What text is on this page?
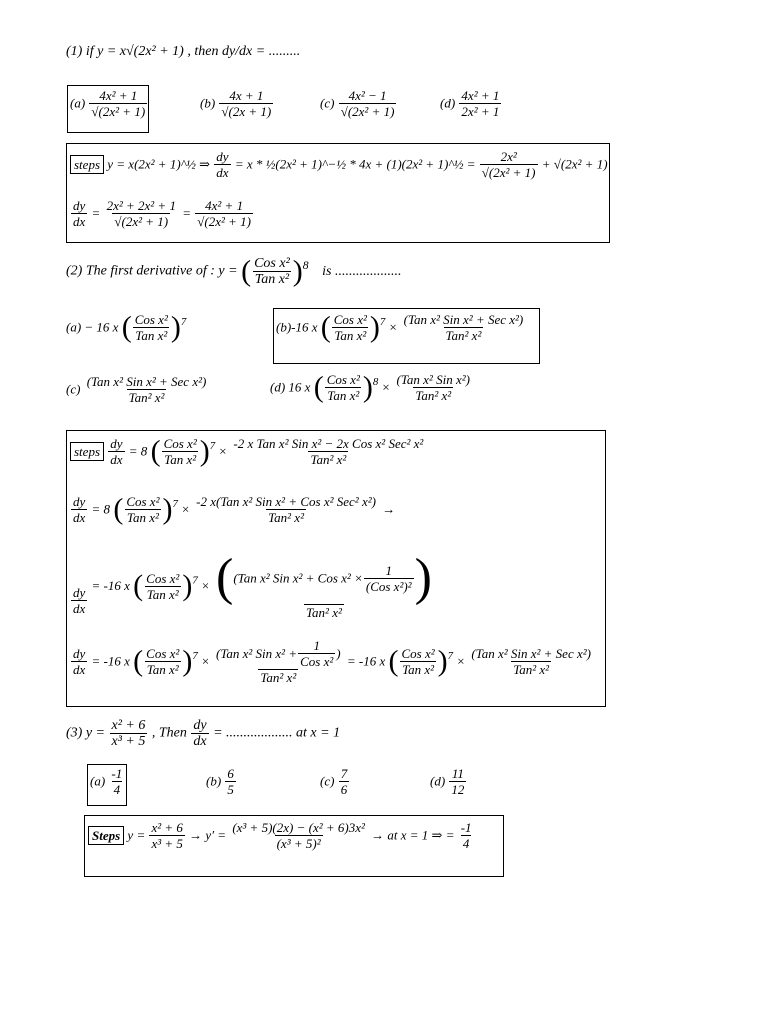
(1) if y = x√(2x² + 1) , then dy/dx = .........
$(a) \frac{\text{4x² + 1}}{\text{√(2x² + 1)}}$	$(b) \frac{4x + 1}{√(2x + 1)}$	$(c) \frac{\text{4x² − 1}}{\text{√(2x² + 1)}}$	$(d) \frac{\text{4x² + 1}}{\text{2x² + 1}}$
steps y = x(2x² + 1)^½ ⇒ $\frac{dy}{dx} = x$ * ½(2x² + 1)^−½ * 4x + (1)(2x² + 1)^½ = $\frac{\text{2x²}}{\text{√(2x² + 1)}} + √(2x^2 + 1)$
$\frac{dy}{dx} = \frac{\text{2x² + 2x² + 1}}{\text{√(2x² + 1)}} = \frac{\text{4x² + 1}}{\text{√(2x² + 1)}}$
(2) The first derivative of : y = ( Cos x²
Tan x² )$^8$ is ...................
(a) − 16 x ( Cos x²
Tan x² )$^7$	(b)-16 x ( Cos x²
Tan x² )$^7$ × (Tan x² Sin x² + Sec x²)
Tan² x²
(c) (Tan x² Sin x² + Sec x²)
Tan² x²
(d) 16 x ( Cos x²
Tan x² )$^8$ × (Tan x² Sin x²)
Tan² x²
steps $\frac{dy}{dx} = 8$ ( Cos x²
Tan x² )$^7$ × -2 x Tan x² Sin x² − 2x Cos x² Sec² x²
Tan² x²
$\frac{dy}{dx} = 8$ ( Cos x²
Tan x² )$^7$ × -2 x(Tan x² Sin x² + Cos x² Sec² x²)
Tan² x²
→
$\frac{dy}{dx} = -16$ x ( Cos x²
Tan x² )$^7$ × ((Tan x² Sin x² + Cos x² ×
1
(Cos x²)² )
Tan² x²
$\frac{dy}{dx} = -16$ x ( Cos x²
Tan x² )$^7$ × (Tan x² Sin x² +
1
Cos x²
)
Tan² x²
= -16 x ( Cos x²
Tan x² )$^7$ × (Tan x² Sin x² + Sec x²)
Tan² x²
(3) $y = \frac{\text{x² + 6}}{\text{x³ + 5}}$ , Then $\frac{dy}{dx}$ = ................... at x = 1
$(a) \frac{-1}{4}$	$(b) \frac{6}{5}$	$(c) \frac{7}{6}$	$(d) \frac{11}{12}$
Steps $y = \frac{\text{x² + 6}}{\text{x³ + 5}} \to y' = \frac{\text{(x³ + 5)(2x) − (x² + 6)3x²}}{\text{(x³ + 5)²}}$ → at x = 1 ⇒ = $\frac{-1}{4}$
